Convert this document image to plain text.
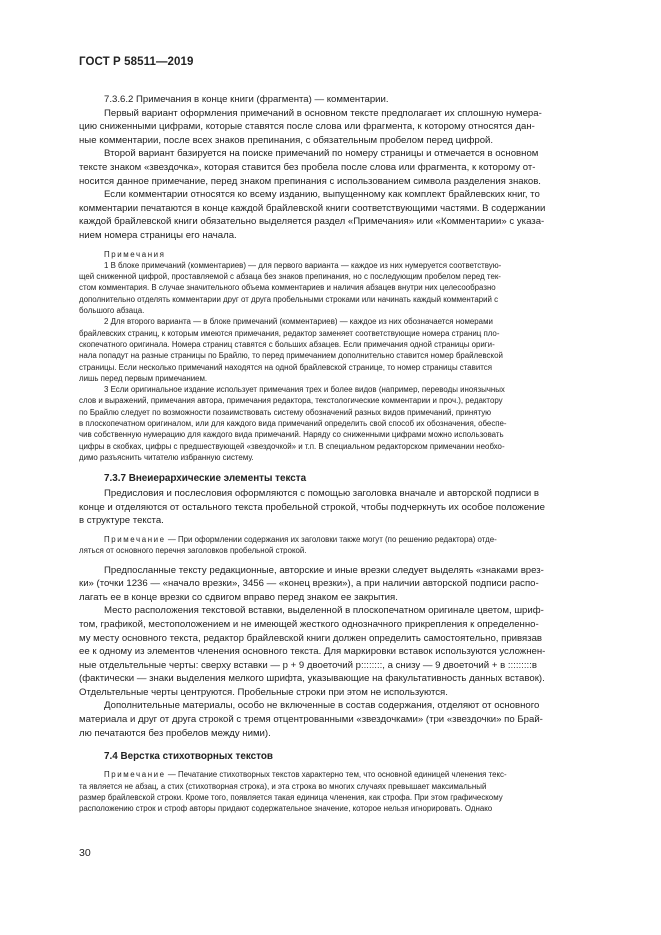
ГОСТ Р 58511—2019

7.3.6.2 Примечания в конце книги (фрагмента) — комментарии.

Первый вариант оформления примечаний в основном тексте предполагает их сплошную нумера-
цию сниженными цифрами, которые ставятся после слова или фрагмента, к которому относятся дан-
ные комментарии, после всех знаков препинания, с обязательным пробелом перед цифрой.

Второй вариант базируется на поиске примечаний по номеру страницы и отмечается в основном
тексте знаком «звездочка», которая ставится без пробела после слова или фрагмента, к которому от-
носится данное примечание, перед знаком препинания с использованием символа разделения знаков.

Если комментарии относятся ко всему изданию, выпущенному как комплект брайлевских книг, то
комментарии печатаются в конце каждой брайлевской книги соответствующими частями. В содержании
каждой брайлевской книги обязательно выделяется раздел «Примечания» или «Комментарии» с указа-
нием номера страницы его начала.

Примечания

1 В блоке примечаний (комментариев) — для первого варианта — каждое из них нумеруется соответствую-
щей сниженной цифрой, проставляемой с абзаца без знаков препинания, но с последующим пробелом перед тек-
стом комментария. В случае значительного объема комментариев и наличия абзацев внутри них целесообразно
дополнительно отделять комментарии друг от друга пробельными строками или начинать каждый комментарий с
большого абзаца.

2 Для второго варианта — в блоке примечаний (комментариев) — каждое из них обозначается номерами
брайлевских страниц, к которым имеются примечания, редактор заменяет соответствующие номера страниц пло-
скопечатного оригинала. Номера страниц ставятся с больших абзацев. Если примечания одной страницы ориги-
нала попадут на разные страницы по Брайлю, то перед примечанием дополнительно ставится номер брайлевской
страницы. Если несколько примечаний находятся на одной брайлевской странице, то номер страницы ставится
лишь перед первым примечанием.

3 Если оригинальное издание использует примечания трех и более видов (например, переводы иноязычных
слов и выражений, примечания автора, примечания редактора, текстологические комментарии и проч.), редактору
по Брайлю следует по возможности позаимствовать систему обозначений разных видов примечаний, принятую
в плоскопечатном оригиналом, или для каждого вида примечаний определить свой способ их обозначения, обеспе-
чив собственную нумерацию для каждого вида примечаний. Наряду со сниженными цифрами можно использовать
цифры в скобках, цифры с предшествующей «звездочкой» и т.п. В специальном редакторском примечании необхо-
димо разъяснить читателю избранную систему.

7.3.7 Внеиерархические элементы текста

Предисловия и послесловия оформляются с помощью заголовка вначале и авторской подписи в
конце и отделяются от остального текста пробельной строкой, чтобы подчеркнуть их особое положение
в структуре текста.

Примечание — При оформлении содержания их заголовки также могут (по решению редактора) отде-
ляться от основного перечня заголовков пробельной строкой.

Предпосланные тексту редакционные, авторские и иные врезки следует выделять «знаками врез-
ки» (точки 1236 — «начало врезки», 3456 — «конец врезки»), а при наличии авторской подписи распо-
лагать ее в конце врезки со сдвигом вправо перед знаком ее закрытия.

Место расположения текстовой вставки, выделенной в плоскопечатном оригинале цветом, шриф-
том, графикой, местоположением и не имеющей жесткого однозначного прикрепления к определенно-
му месту основного текста, редактор брайлевской книги должен определить самостоятельно, привязав
ее к одному из элементов членения основного текста. Для маркировки вставок используются усложнен-
ные отдельтельные черты: сверху вставки — р + 9 двоеточий р::::::::, а снизу — 9 двоеточий + в :::::::::в
(фактически — знаки выделения мелкого шрифта, указывающие на факультативность данных вставок).
Отдельтельные черты центруются. Пробельные строки при этом не используются.

Дополнительные материалы, особо не включенные в состав содержания, отделяют от основного
материала и друг от друга строкой с тремя отцентрованными «звездочками» (три «звездочки» по Брай-
лю печатаются без пробелов между ними).

7.4 Верстка стихотворных текстов

Примечание — Печатание стихотворных текстов характерно тем, что основной единицей членения текс-
та является не абзац, а стих (стихотворная строка), и эта строка во многих случаях превышает максимальный
размер брайлевской строки. Кроме того, появляется такая единица членения, как строфа. При этом графическому
расположению строк и строф авторы придают содержательное значение, которое нельзя игнорировать. Однако

30
